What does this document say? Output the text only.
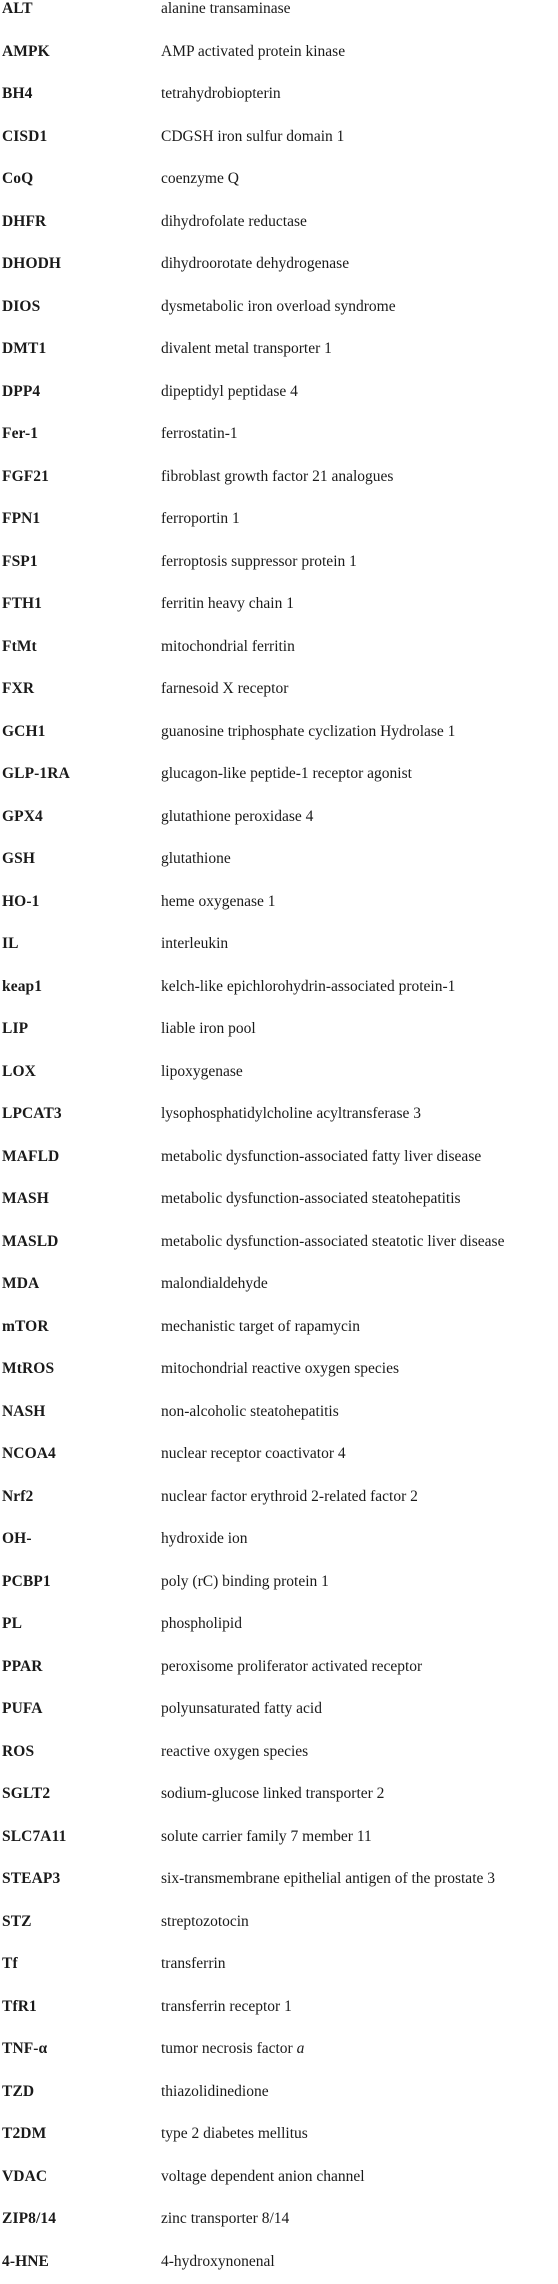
ALT	alanine transaminase
AMPK	AMP activated protein kinase
BH4	tetrahydrobiopterin
CISD1	CDGSH iron sulfur domain 1
CoQ	coenzyme Q
DHFR	dihydrofolate reductase
DHODH	dihydroorotate dehydrogenase
DIOS	dysmetabolic iron overload syndrome
DMT1	divalent metal transporter 1
DPP4	dipeptidyl peptidase 4
Fer-1	ferrostatin-1
FGF21	fibroblast growth factor 21 analogues
FPN1	ferroportin 1
FSP1	ferroptosis suppressor protein 1
FTH1	ferritin heavy chain 1
FtMt	mitochondrial ferritin
FXR	farnesoid X receptor
GCH1	guanosine triphosphate cyclization Hydrolase 1
GLP-1RA	glucagon-like peptide-1 receptor agonist
GPX4	glutathione peroxidase 4
GSH	glutathione
HO-1	heme oxygenase 1
IL	interleukin
keap1	kelch-like epichlorohydrin-associated protein-1
LIP	liable iron pool
LOX	lipoxygenase
LPCAT3	lysophosphatidylcholine acyltransferase 3
MAFLD	metabolic dysfunction-associated fatty liver disease
MASH	metabolic dysfunction-associated steatohepatitis
MASLD	metabolic dysfunction-associated steatotic liver disease
MDA	malondialdehyde
mTOR	mechanistic target of rapamycin
MtROS	mitochondrial reactive oxygen species
NASH	non-alcoholic steatohepatitis
NCOA4	nuclear receptor coactivator 4
Nrf2	nuclear factor erythroid 2-related factor 2
OH-	hydroxide ion
PCBP1	poly (rC) binding protein 1
PL	phospholipid
PPAR	peroxisome proliferator activated receptor
PUFA	polyunsaturated fatty acid
ROS	reactive oxygen species
SGLT2	sodium-glucose linked transporter 2
SLC7A11	solute carrier family 7 member 11
STEAP3	six-transmembrane epithelial antigen of the prostate 3
STZ	streptozotocin
Tf	transferrin
TfR1	transferrin receptor 1
TNF-α	tumor necrosis factor a
TZD	thiazolidinedione
T2DM	type 2 diabetes mellitus
VDAC	voltage dependent anion channel
ZIP8/14	zinc transporter 8/14
4-HNE	4-hydroxynonenal
